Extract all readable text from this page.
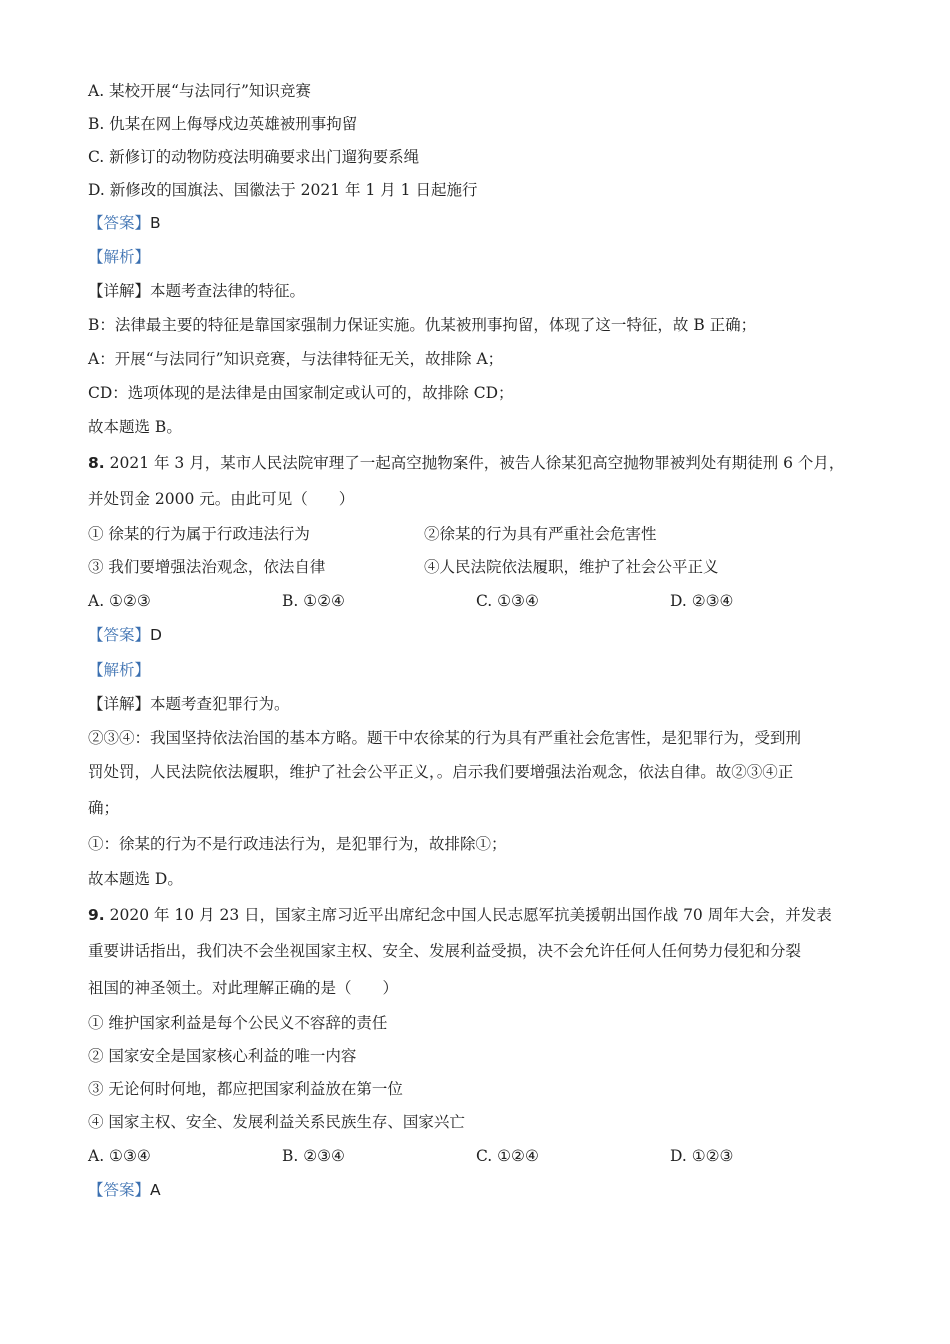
A. 某校开展“与法同行”知识竞赛
B. 仇某在网上侮辱戍边英雄被刑事拘留
C. 新修订的动物防疫法明确要求出门遛狗要系绳
D. 新修改的国旗法、国徽法于 2021 年 1 月 1 日起施行
【答案】B
【解析】
【详解】本题考查法律的特征。
B：法律最主要的特征是靠国家强制力保证实施。仇某被刑事拘留，体现了这一特征，故 B 正确；
A：开展“与法同行”知识竞赛，与法律特征无关，故排除 A；
CD：选项体现的是法律是由国家制定或认可的，故排除 CD；
故本题选 B。
8. 2021 年 3 月，某市人民法院审理了一起高空抛物案件，被告人徐某犯高空抛物罪被判处有期徒刑 6 个月，
并处罚金 2000 元。由此可见（　　）
① 徐某的行为属于行政违法行为	②徐某的行为具有严重社会危害性
③ 我们要增强法治观念，依法自律	④人民法院依法履职，维护了社会公平正义
A. ①②③	B. ①②④	C. ①③④	D. ②③④
【答案】D
【解析】
【详解】本题考查犯罪行为。
②③④：我国坚持依法治国的基本方略。题干中农徐某的行为具有严重社会危害性，是犯罪行为，受到刑
罚处罚，人民法院依法履职，维护了社会公平正义，。启示我们要增强法治观念，依法自律。故②③④正
确；
①：徐某的行为不是行政违法行为，是犯罪行为，故排除①；
故本题选 D。
9. 2020 年 10 月 23 日，国家主席习近平出席纪念中国人民志愿军抗美援朝出国作战 70 周年大会，并发表
重要讲话指出，我们决不会坐视国家主权、安全、发展利益受损，决不会允许任何人任何势力侵犯和分裂
祖国的神圣领土。对此理解正确的是（　　）
① 维护国家利益是每个公民义不容辞的责任
② 国家安全是国家核心利益的唯一内容
③ 无论何时何地，都应把国家利益放在第一位
④ 国家主权、安全、发展利益关系民族生存、国家兴亡
A. ①③④	B. ②③④	C. ①②④	D. ①②③
【答案】A
